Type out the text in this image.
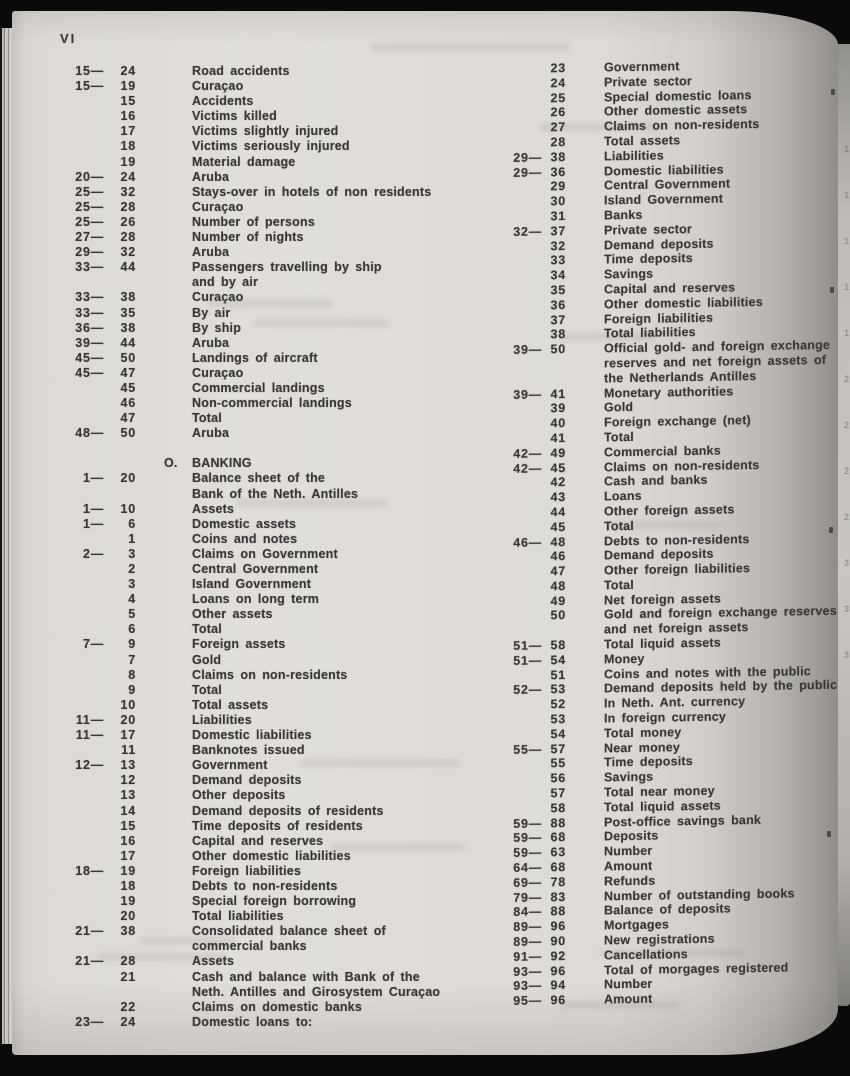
1
1
1
1
1
2
2
2
2
3
3
3
VI
15—	24	Road accidents
15—	19	Curaçao
15	Accidents
16	Victims killed
17	Victims slightly injured
18	Victims seriously injured
19	Material damage
20—	24	Aruba
25—	32	Stays-over in hotels of non residents
25—	28	Curaçao
25—	26	Number of persons
27—	28	Number of nights
29—	32	Aruba
33—	44	Passengers travelling by ship
and by air
33—	38	Curaçao
33—	35	By air
36—	38	By ship
39—	44	Aruba
45—	50	Landings of aircraft
45—	47	Curaçao
45	Commercial landings
46	Non-commercial landings
47	Total
48—	50	Aruba
O. BANKING
1—	20	Balance sheet of the
Bank of the Neth. Antilles
1—	10	Assets
1—	6	Domestic assets
1	Coins and notes
2—	3	Claims on Government
2	Central Government
3	Island Government
4	Loans on long term
5	Other assets
6	Total
7—	9	Foreign assets
7	Gold
8	Claims on non-residents
9	Total
10	Total assets
11—	20	Liabilities
11—	17	Domestic liabilities
11	Banknotes issued
12—	13	Government
12	Demand deposits
13	Other deposits
14	Demand deposits of residents
15	Time deposits of residents
16	Capital and reserves
17	Other domestic liabilities
18—	19	Foreign liabilities
18	Debts to non-residents
19	Special foreign borrowing
20	Total liabilities
21—	38	Consolidated balance sheet of
commercial banks
21—	28	Assets
21	Cash and balance with Bank of the
Neth. Antilles and Girosystem Curaçao
22	Claims on domestic banks
23—	24	Domestic loans to:
23	Government
24	Private sector
25	Special domestic loans
26	Other domestic assets
27	Claims on non-residents
28	Total assets
29— 38	Liabilities
29— 36	Domestic liabilities
29	Central Government
30	Island Government
31	Banks
32— 37	Private sector
32	Demand deposits
33	Time deposits
34	Savings
35	Capital and reserves
36	Other domestic liabilities
37	Foreign liabilities
38	Total liabilities
39— 50	Official gold- and foreign exchange
reserves and net foreign assets of
the Netherlands Antilles
39— 41	Monetary authorities
39	Gold
40	Foreign exchange (net)
41	Total
42— 49	Commercial banks
42— 45	Claims on non-residents
42	Cash and banks
43	Loans
44	Other foreign assets
45	Total
46— 48	Debts to non-residents
46	Demand deposits
47	Other foreign liabilities
48	Total
49	Net foreign assets
50	Gold and foreign exchange reserves
and net foreign assets
51— 58	Total liquid assets
51— 54	Money
51	Coins and notes with the public
52— 53	Demand deposits held by the public
52	In Neth. Ant. currency
53	In foreign currency
54	Total money
55— 57	Near money
55	Time deposits
56	Savings
57	Total near money
58	Total liquid assets
59— 88	Post-office savings bank
59— 68	Deposits
59— 63	Number
64— 68	Amount
69— 78	Refunds
79— 83	Number of outstanding books
84— 88	Balance of deposits
89— 96	Mortgages
89— 90	New registrations
91— 92	Cancellations
93— 96	Total of morgages registered
93— 94	Number
95— 96	Amount
